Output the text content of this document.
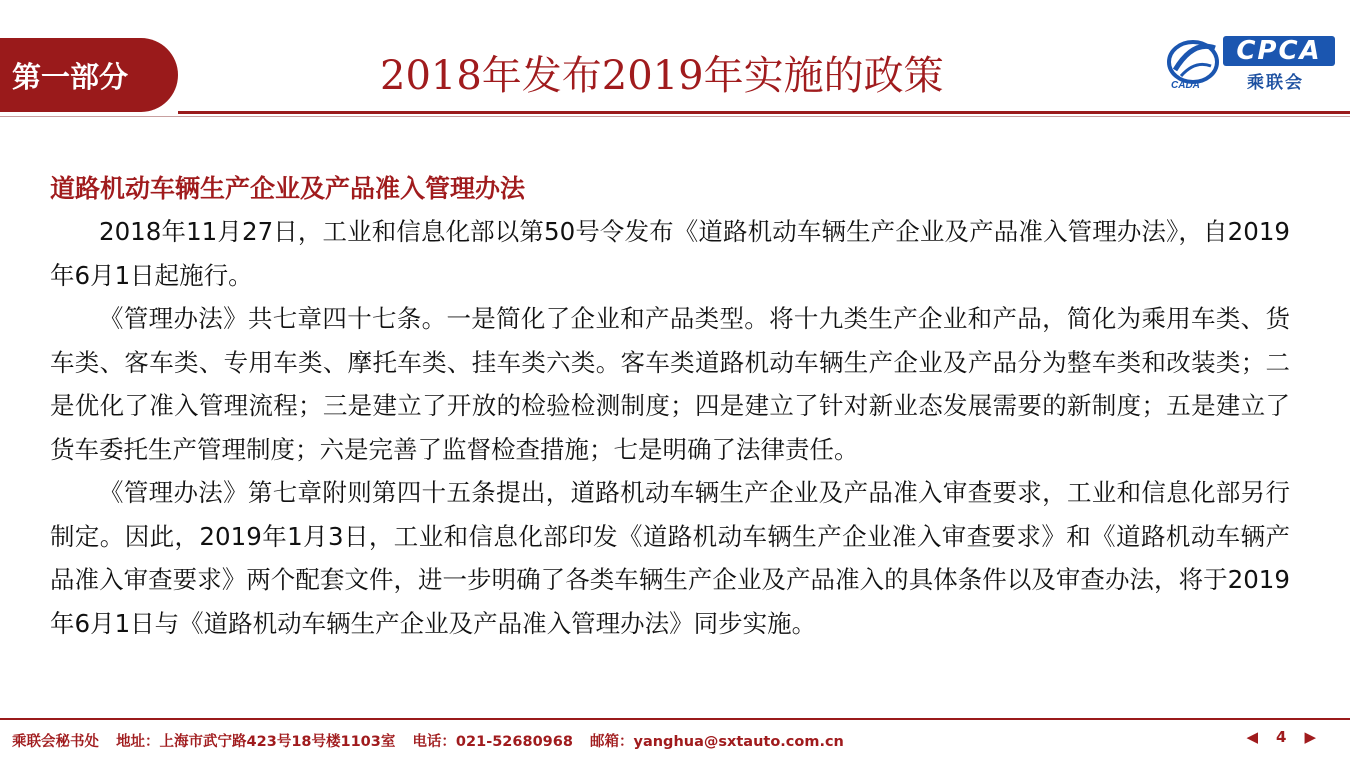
第一部分	2018年发布2019年实施的政策	CADA
CPCA
乘联会
道路机动车辆生产企业及产品准入管理办法

2018年11月27日，工业和信息化部以第50号令发布《道路机动车辆生产企业及产品准入管理办法》，自2019年6月1日起施行。

《管理办法》共七章四十七条。一是简化了企业和产品类型。将十九类生产企业和产品，简化为乘用车类、货车类、客车类、专用车类、摩托车类、挂车类六类。客车类道路机动车辆生产企业及产品分为整车类和改装类；二是优化了准入管理流程；三是建立了开放的检验检测制度；四是建立了针对新业态发展需要的新制度；五是建立了货车委托生产管理制度；六是完善了监督检查措施；七是明确了法律责任。

《管理办法》第七章附则第四十五条提出，道路机动车辆生产企业及产品准入审查要求，工业和信息化部另行制定。因此，2019年1月3日，工业和信息化部印发《道路机动车辆生产企业准入审查要求》和《道路机动车辆产品准入审查要求》两个配套文件，进一步明确了各类车辆生产企业及产品准入的具体条件以及审查办法，将于2019年6月1日与《道路机动车辆生产企业及产品准入管理办法》同步实施。

乘联会秘书处 地址：上海市武宁路423号18号楼1103室 电话：021-52680968 邮箱：yanghua@sxtauto.com.cn	◀ 4 ▶
